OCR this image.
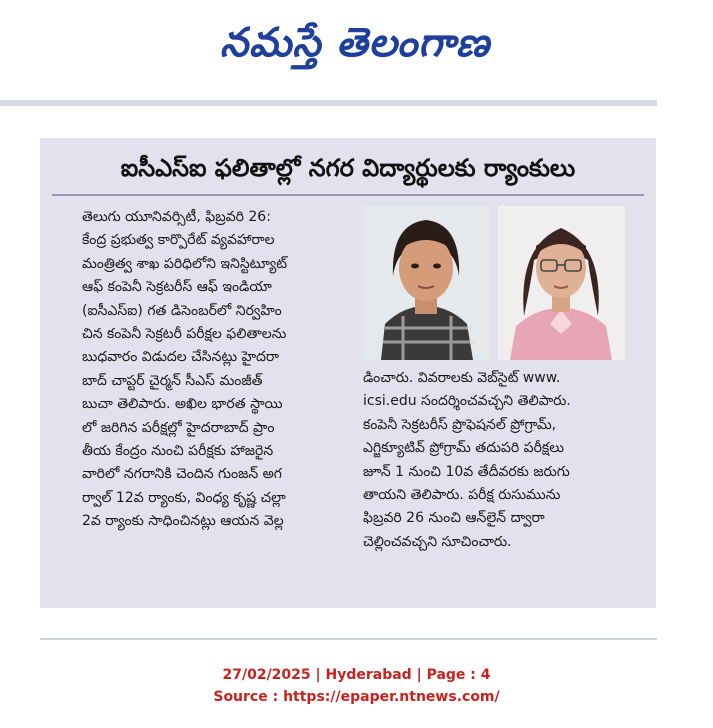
నమస్తే తెలంగాణ
ఐసీఎస్ఐ ఫలితాల్లో నగర విద్యార్థులకు ర్యాంకులు
తెలుగు యూనివర్సిటీ, ఫిబ్రవరి 26:
కేంద్ర ప్రభుత్వ కార్పొరేట్ వ్యవహారాల
మంత్రిత్వ శాఖ పరిధిలోని ఇనిస్టిట్యూట్
ఆఫ్ కంపెనీ సెక్రటరీస్ ఆఫ్ ఇండియా
(ఐసీఎస్ఐ) గత డిసెంబర్‌లో నిర్వహిం
చిన కంపెనీ సెక్రటరీ పరీక్షల ఫలితాలను
బుధవారం విడుదల చేసినట్లు హైదరా
బాద్ చాప్టర్ చైర్మన్ సీఎస్ మంజీత్
బుచా తెలిపారు. అఖిల భారత స్థాయి
లో జరిగిన పరీక్షల్లో హైదరాబాద్ ప్రాం
తీయ కేంద్రం నుంచి పరీక్షకు హాజరైన
వారిలో నగరానికి చెందిన గుంజన్ అగ
ర్వాల్ 12వ ర్యాంకు, వింధ్య కృష్ణ చల్లా
2వ ర్యాంకు సాధించినట్లు ఆయన వెల్ల
డించారు. వివరాలకు వెబ్‌సైట్ www.
icsi.edu సందర్శించవచ్చని తెలిపారు.
కంపెనీ సెక్రటరీస్ ప్రొఫెషనల్ ప్రోగ్రామ్,
ఎగ్జిక్యూటివ్ ప్రోగ్రామ్ తదుపరి పరీక్షలు
జూన్ 1 నుంచి 10వ తేదీవరకు జరుగు
తాయని తెలిపారు. పరీక్ష రుసుమును
ఫిబ్రవరి 26 నుంచి ఆన్‌లైన్ ద్వారా
చెల్లించవచ్చని సూచించారు.
27/02/2025 | Hyderabad | Page : 4
Source : https://epaper.ntnews.com/
